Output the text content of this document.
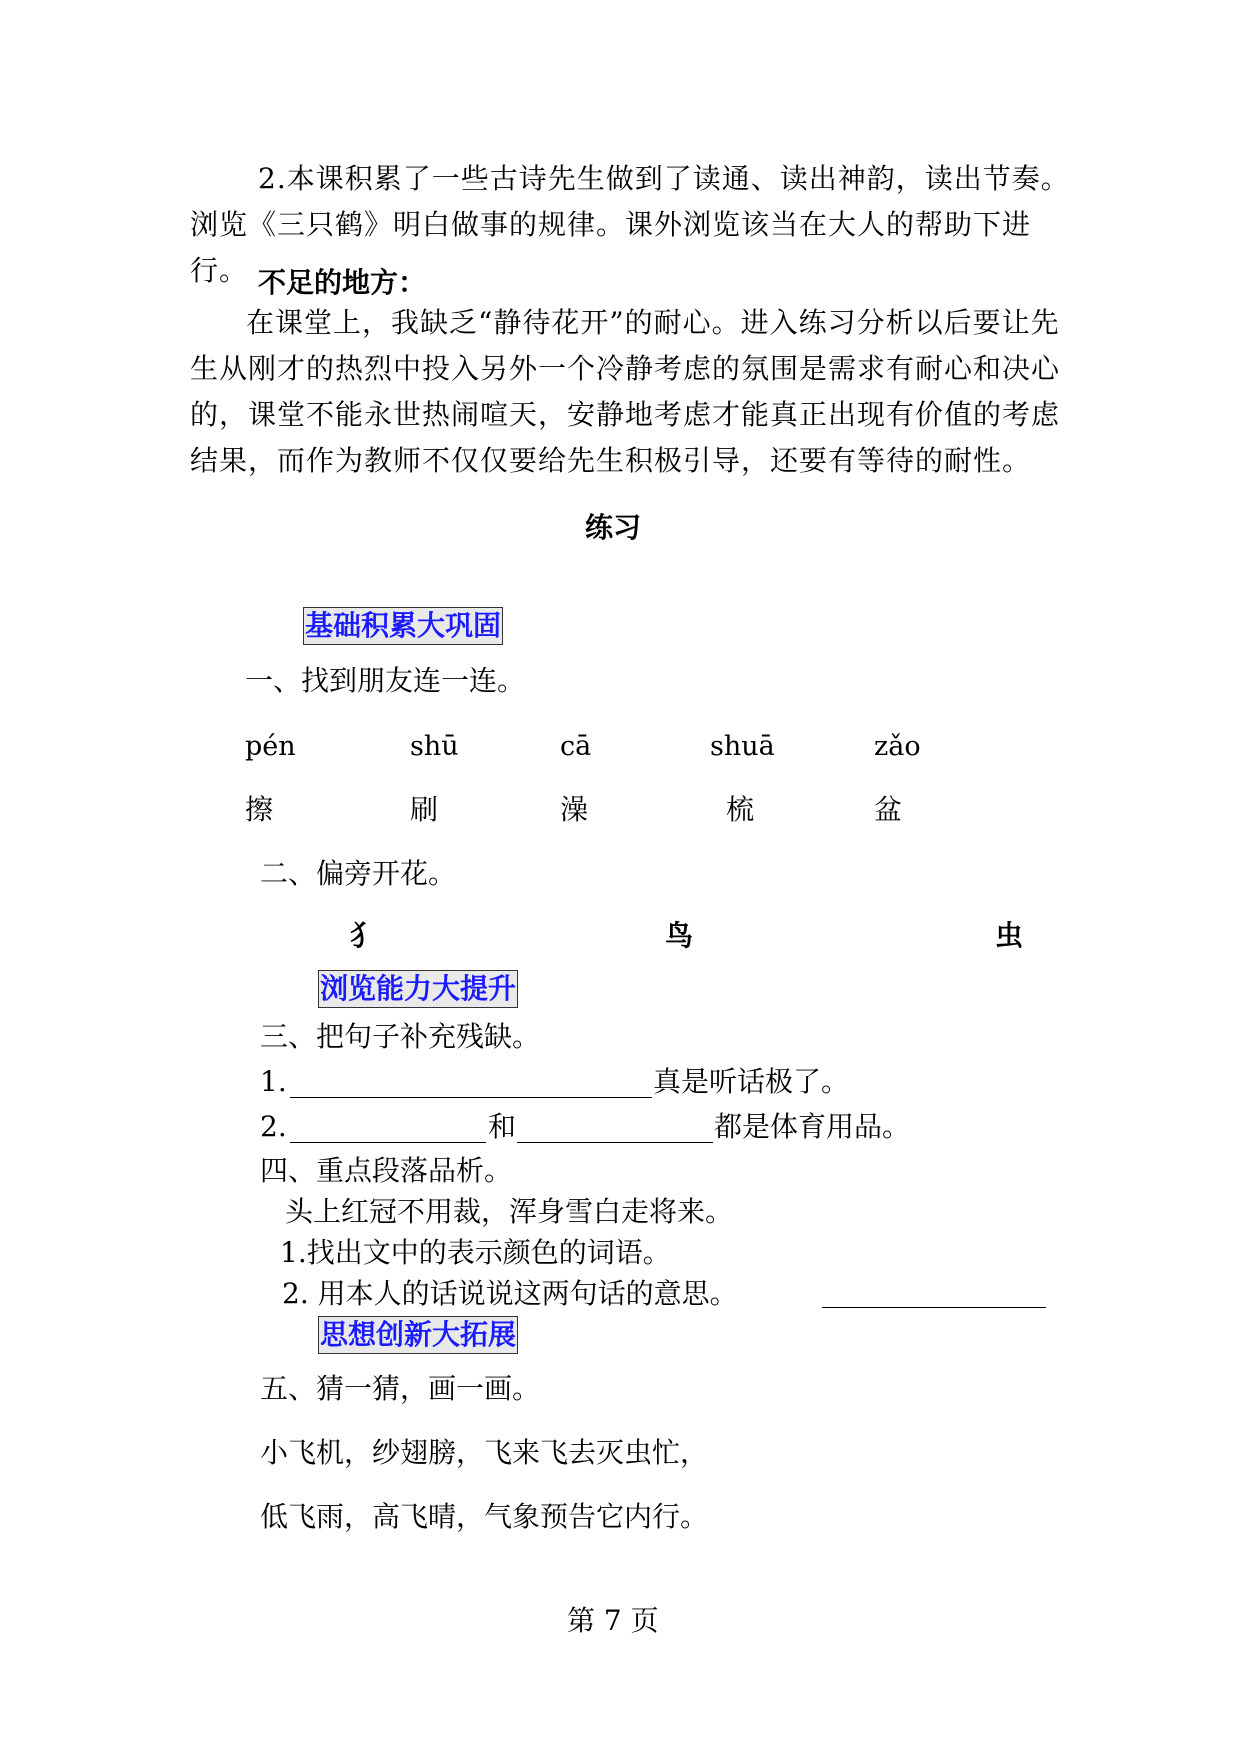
2.本课积累了一些古诗先生做到了读通、读出神韵，读出节奏。浏览《三只鹤》明白做事的规律。课外浏览该当在大人的帮助下进行。 不足的地方：
在课堂上，我缺乏“静待花开”的耐心。进入练习分析以后要让先生从刚才的热烈中投入另外一个冷静考虑的氛围是需求有耐心和决心的，课堂不能永世热闹喧天，安静地考虑才能真正出现有价值的考虑结果，而作为教师不仅仅要给先生积极引导，还要有等待的耐性。
练习
基础积累大巩固
一、找到朋友连一连。
pén	shū	cā	shuā	zǎo
擦	刷	澡	梳	盆
二、偏旁开花。
犭	鸟	虫
浏览能力大提升
三、把句子补充残缺。
1.	真是听话极了。
2.	和	都是体育用品。
四、重点段落品析。
头上红冠不用裁，浑身雪白走将来。
1.找出文中的表示颜色的词语。
2. 用本人的话说说这两句话的意思。
思想创新大拓展
五、猜一猜，画一画。
小飞机，纱翅膀，飞来飞去灭虫忙，
低飞雨，高飞晴，气象预告它内行。
第 7 页
